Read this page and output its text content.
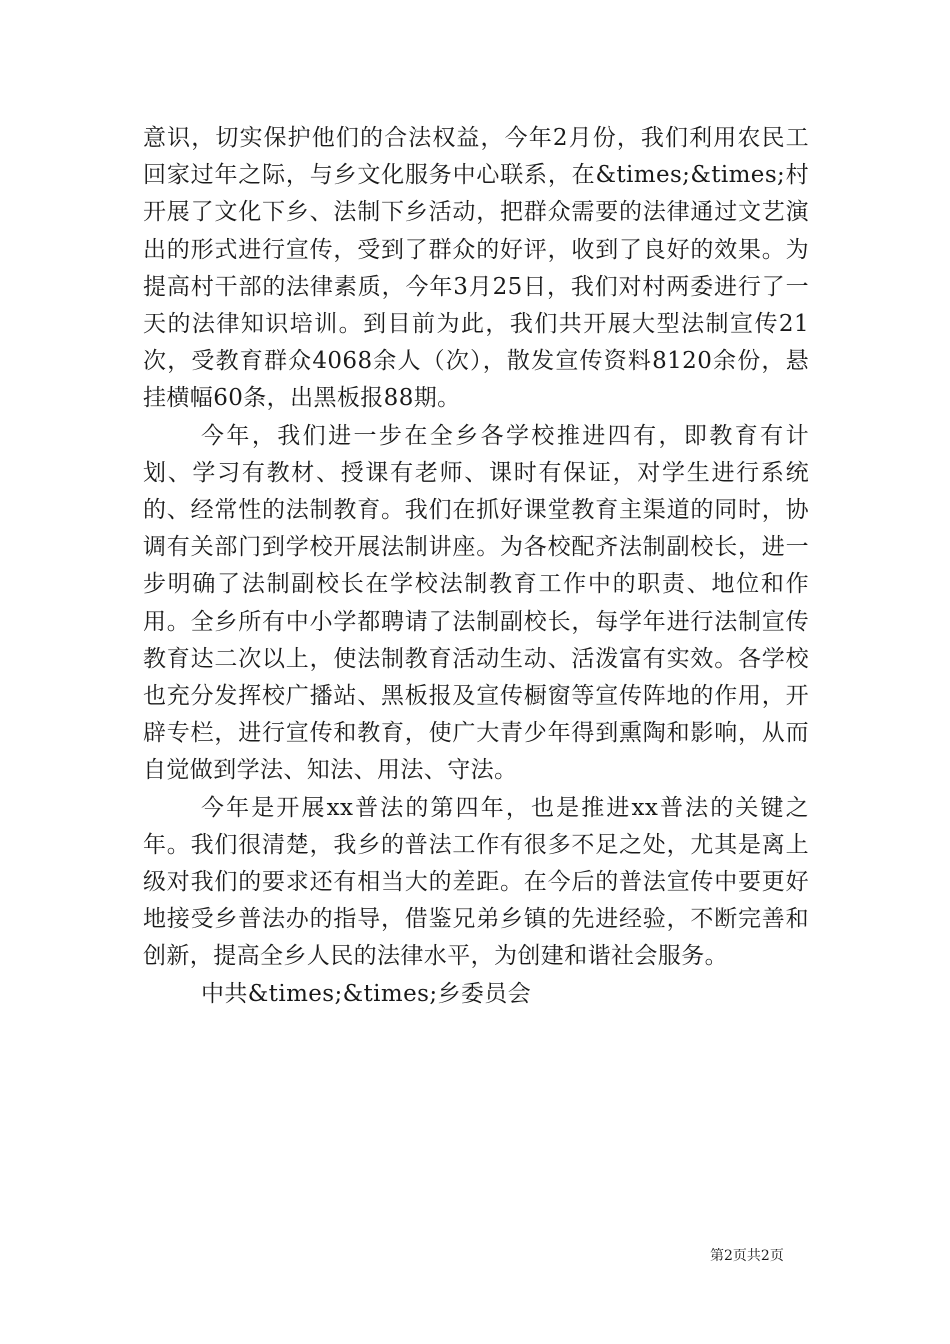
意识，切实保护他们的合法权益，今年2月份，我们利用农民工回家过年之际，与乡文化服务中心联系，在&times;&times;村开展了文化下乡、法制下乡活动，把群众需要的法律通过文艺演出的形式进行宣传，受到了群众的好评，收到了良好的效果。为提高村干部的法律素质，今年3月25日，我们对村两委进行了一天的法律知识培训。到目前为此，我们共开展大型法制宣传21次，受教育群众4068余人（次），散发宣传资料8120余份，悬挂横幅60条，出黑板报88期。

今年，我们进一步在全乡各学校推进四有，即教育有计划、学习有教材、授课有老师、课时有保证，对学生进行系统的、经常性的法制教育。我们在抓好课堂教育主渠道的同时，协调有关部门到学校开展法制讲座。为各校配齐法制副校长，进一步明确了法制副校长在学校法制教育工作中的职责、地位和作用。全乡所有中小学都聘请了法制副校长，每学年进行法制宣传教育达二次以上，使法制教育活动生动、活泼富有实效。各学校也充分发挥校广播站、黑板报及宣传橱窗等宣传阵地的作用，开辟专栏，进行宣传和教育，使广大青少年得到熏陶和影响，从而自觉做到学法、知法、用法、守法。

今年是开展xx普法的第四年，也是推进xx普法的关键之年。我们很清楚，我乡的普法工作有很多不足之处，尤其是离上级对我们的要求还有相当大的差距。在今后的普法宣传中要更好地接受乡普法办的指导，借鉴兄弟乡镇的先进经验，不断完善和创新，提高全乡人民的法律水平，为创建和谐社会服务。

中共&times;&times;乡委员会

第2页共2页
